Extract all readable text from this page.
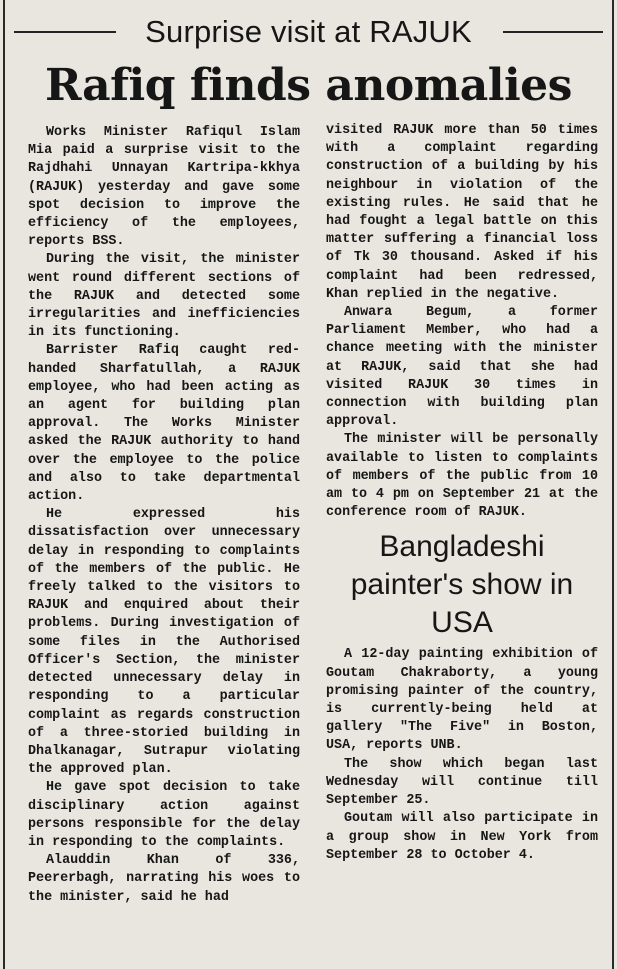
Surprise visit at RAJUK
Rafiq finds anomalies

Works Minister Rafiqul Islam Mia paid a surprise visit to the Rajdhahi Unnayan Kartripa-kkhya (RAJUK) yesterday and gave some spot decision to improve the efficiency of the employees, reports BSS.

During the visit, the minister went round different sections of the RAJUK and detected some irregularities and inefficiencies in its functioning.

Barrister Rafiq caught red-handed Sharfatullah, a RAJUK employee, who had been acting as an agent for building plan approval. The Works Minister asked the RAJUK authority to hand over the employee to the police and also to take departmental action.

He expressed his dissatisfaction over unnecessary delay in responding to complaints of the members of the public. He freely talked to the visitors to RAJUK and enquired about their problems. During investigation of some files in the Authorised Officer's Section, the minister detected unnecessary delay in responding to a particular complaint as regards construction of a three-storied building in Dhalkanagar, Sutrapur violating the approved plan.

He gave spot decision to take disciplinary action against persons responsible for the delay in responding to the complaints.

Alauddin Khan of 336, Peererbagh, narrating his woes to the minister, said he had

visited RAJUK more than 50 times with a complaint regarding construction of a building by his neighbour in violation of the existing rules. He said that he had fought a legal battle on this matter suffering a financial loss of Tk 30 thousand. Asked if his complaint had been redressed, Khan replied in the negative.

Anwara Begum, a former Parliament Member, who had a chance meeting with the minister at RAJUK, said that she had visited RAJUK 30 times in connection with building plan approval.

The minister will be personally available to listen to complaints of members of the public from 10 am to 4 pm on September 21 at the conference room of RAJUK.

Bangladeshi painter's show in USA

A 12-day painting exhibition of Goutam Chakraborty, a young promising painter of the country, is currently-being held at gallery "The Five" in Boston, USA, reports UNB.

The show which began last Wednesday will continue till September 25.

Goutam will also participate in a group show in New York from September 28 to October 4.
